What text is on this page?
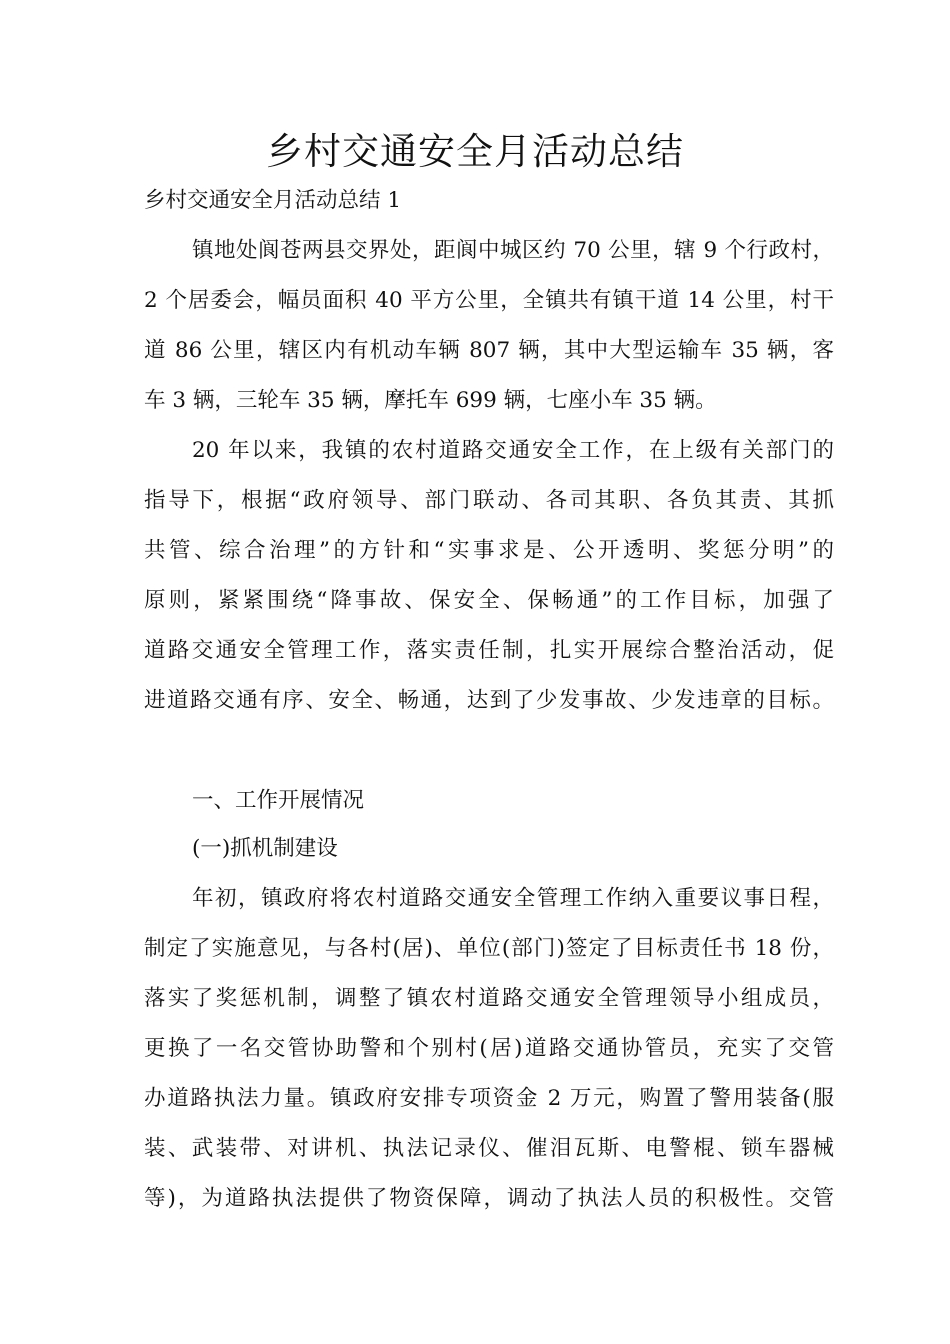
乡村交通安全月活动总结

乡村交通安全月活动总结 1

镇地处阆苍两县交界处，距阆中城区约 70 公里，辖 9 个行政村，

2 个居委会，幅员面积 40 平方公里，全镇共有镇干道 14 公里，村干

道 86 公里，辖区内有机动车辆 807 辆，其中大型运输车 35 辆，客

车 3 辆，三轮车 35 辆，摩托车 699 辆，七座小车 35 辆。

20 年以来，我镇的农村道路交通安全工作，在上级有关部门的

指导下，根据“政府领导、部门联动、各司其职、各负其责、其抓

共管、综合治理”的方针和“实事求是、公开透明、奖惩分明”的

原则，紧紧围绕“降事故、保安全、保畅通”的工作目标，加强了

道路交通安全管理工作，落实责任制，扎实开展综合整治活动，促

进道路交通有序、安全、畅通，达到了少发事故、少发违章的目标。

一、工作开展情况

(一)抓机制建设

年初，镇政府将农村道路交通安全管理工作纳入重要议事日程，

制定了实施意见，与各村(居)、单位(部门)签定了目标责任书 18 份，

落实了奖惩机制，调整了镇农村道路交通安全管理领导小组成员，

更换了一名交管协助警和个别村(居)道路交通协管员，充实了交管

办道路执法力量。镇政府安排专项资金 2 万元，购置了警用装备(服

装、武装带、对讲机、执法记录仪、催泪瓦斯、电警棍、锁车器械

等)，为道路执法提供了物资保障，调动了执法人员的积极性。交管
